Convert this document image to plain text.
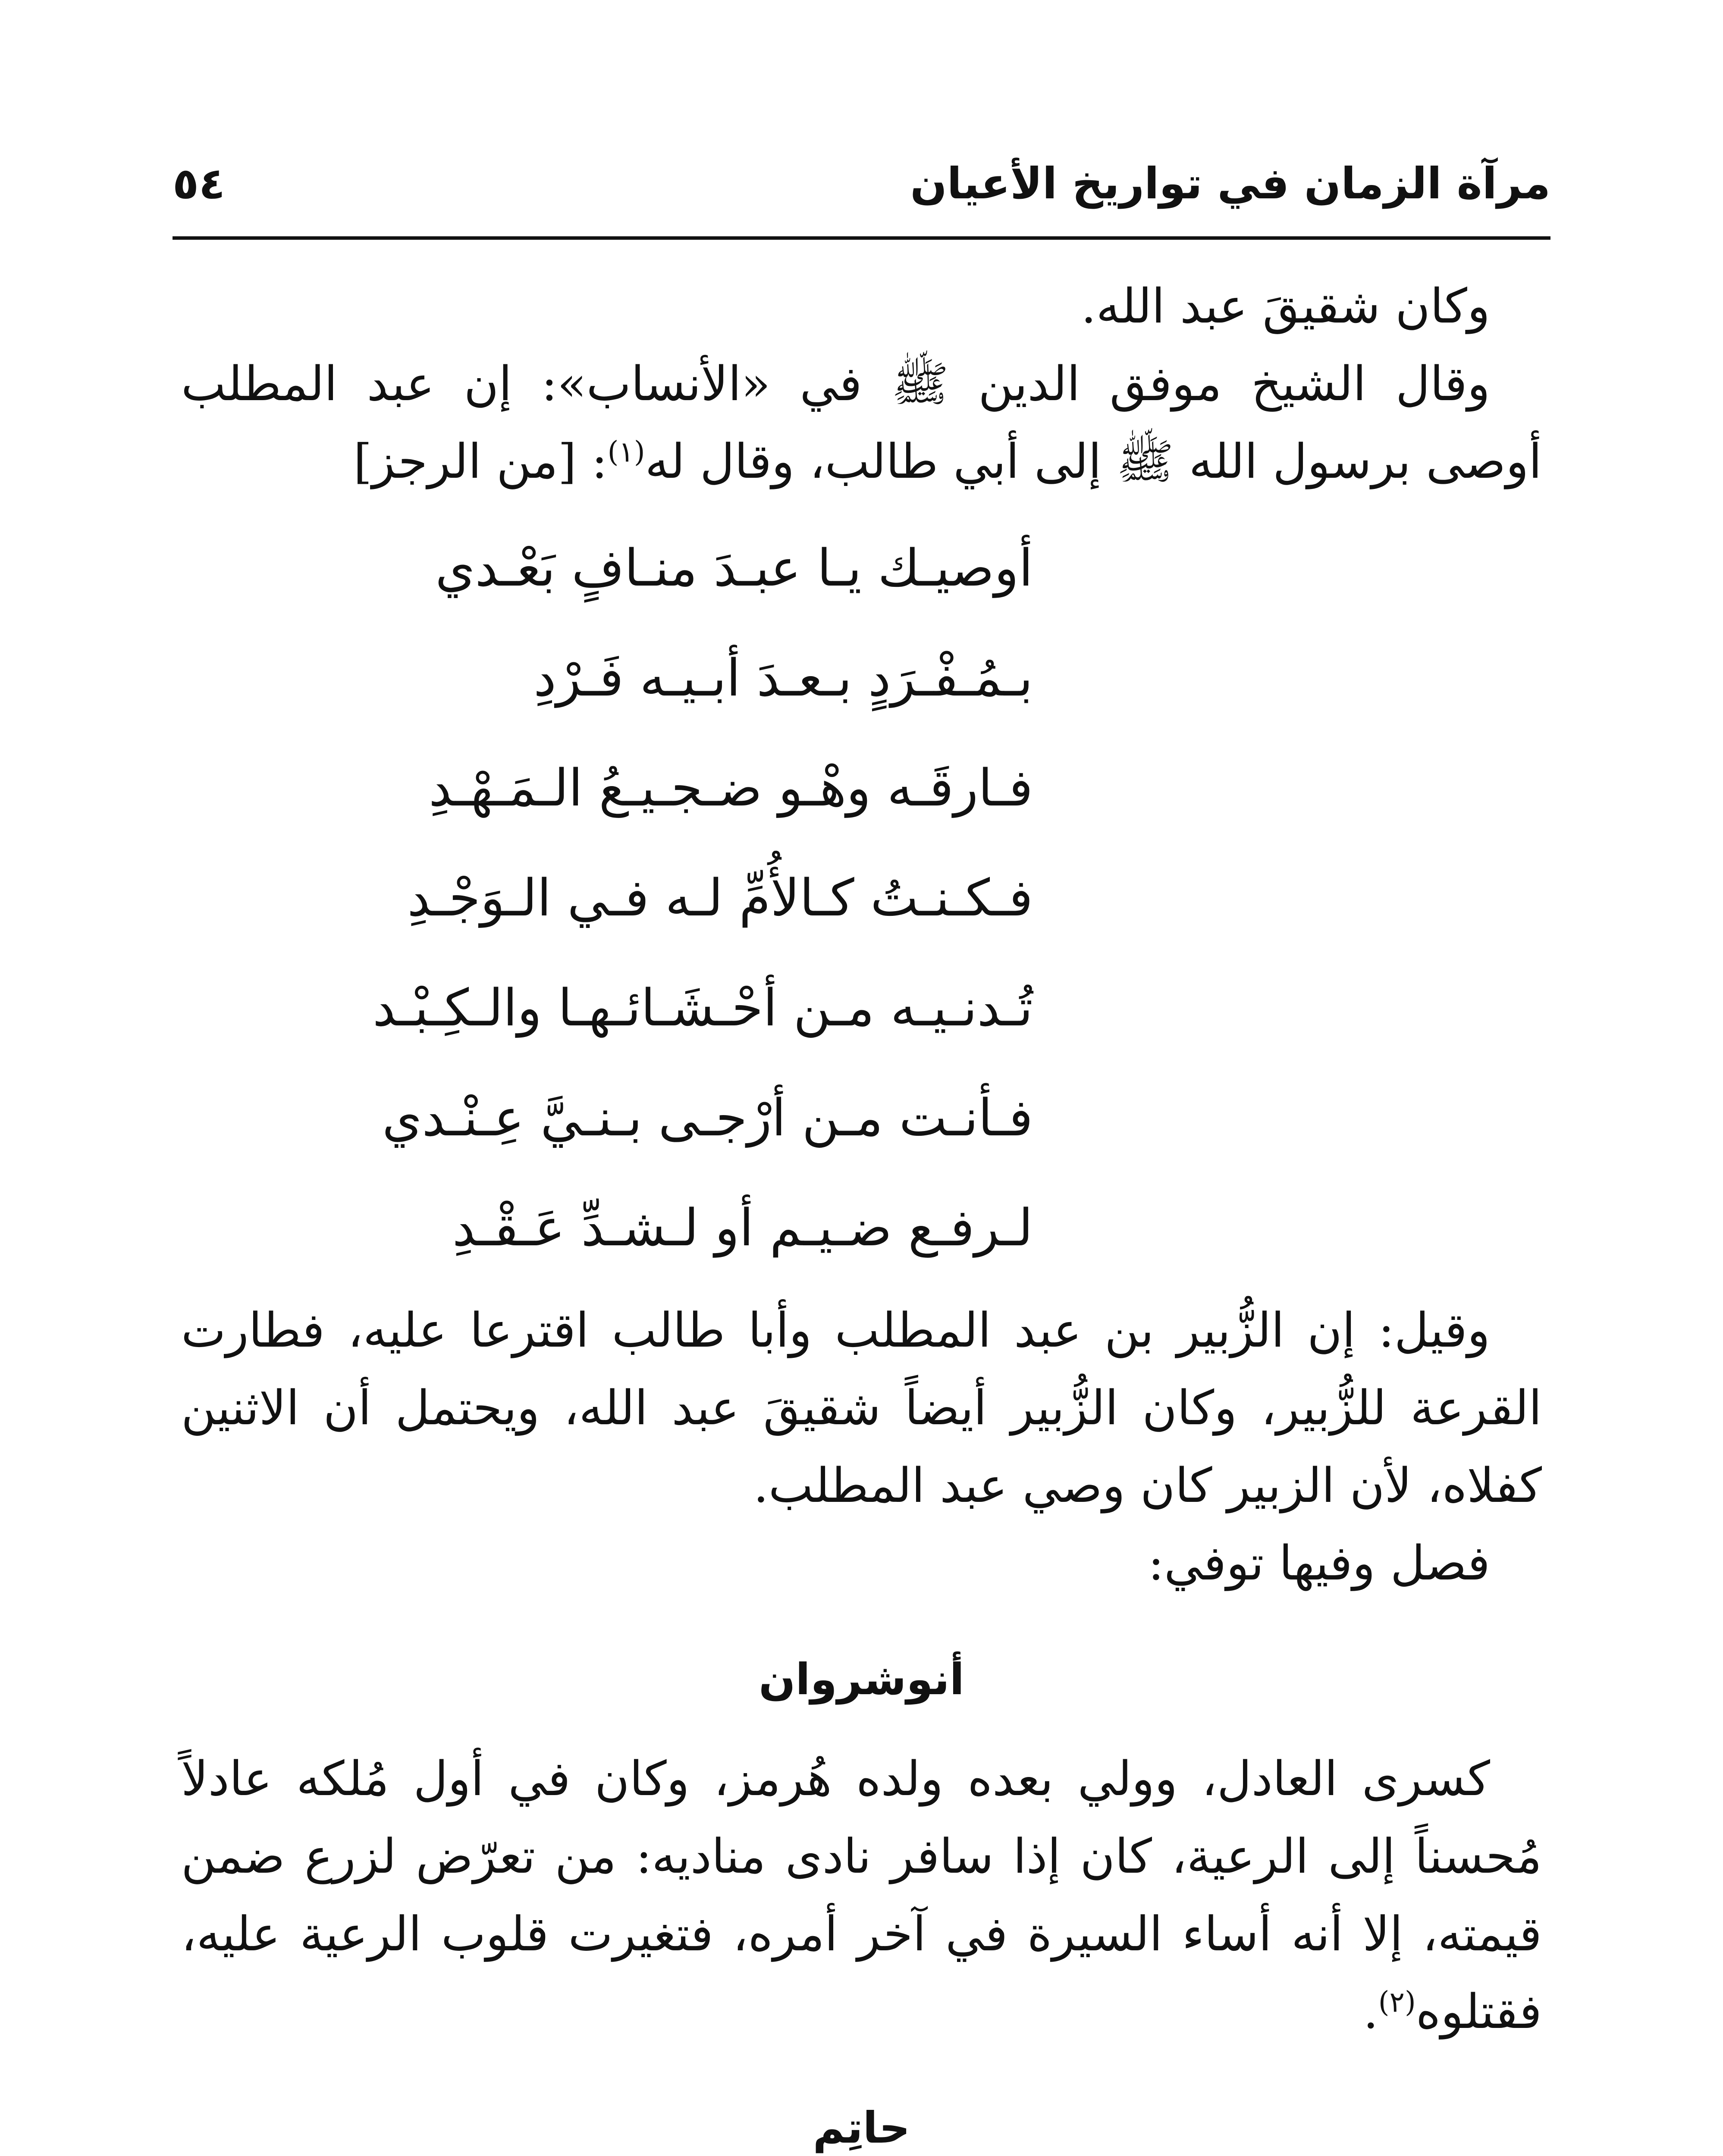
مرآة الزمان في تواريخ الأعيان
٥٤

وكان شقيقَ عبد الله.

وقال الشيخ موفق الدين ﷺ في «الأنساب»: إن عبد المطلب أوصى برسول الله ﷺ إلى أبي طالب، وقال له$^{(١)}$: [من الرجز]

أوصيـك يـا عبـدَ منـافٍ بَعْـدي
بـمُـفْـرَدٍ بـعـدَ أبـيـه فَـرْدِ
فـارقَـه وهْـو ضـجـيـعُ الـمَـهْـدِ
فـكـنـتُ كـالأُمِّ لـه فـي الـوَجْـدِ
تُـدنـيـه مـن أحْـشَـائـهـا والـكِـبْـد
فـأنـت مـن أرْجـى بـنـيَّ عِـنْـدي
لـرفـع ضـيـم أو لـشـدِّ عَـقْـدِ

وقيل: إن الزُّبير بن عبد المطلب وأبا طالب اقترعا عليه، فطارت القرعة للزُّبير، وكان الزُّبير أيضاً شقيقَ عبد الله، ويحتمل أن الاثنين كفلاه، لأن الزبير كان وصي عبد المطلب.

فصل وفيها توفي:

أنوشروان

كسرى العادل، وولي بعده ولده هُرمز، وكان في أول مُلكه عادلاً مُحسناً إلى الرعية، كان إذا سافر نادى مناديه: من تعرّض لزرع ضمن قيمته، إلا أنه أساء السيرة في آخر أمره، فتغيرت قلوب الرعية عليه، فقتلوه$^{(٢)}$.

حاتِم
